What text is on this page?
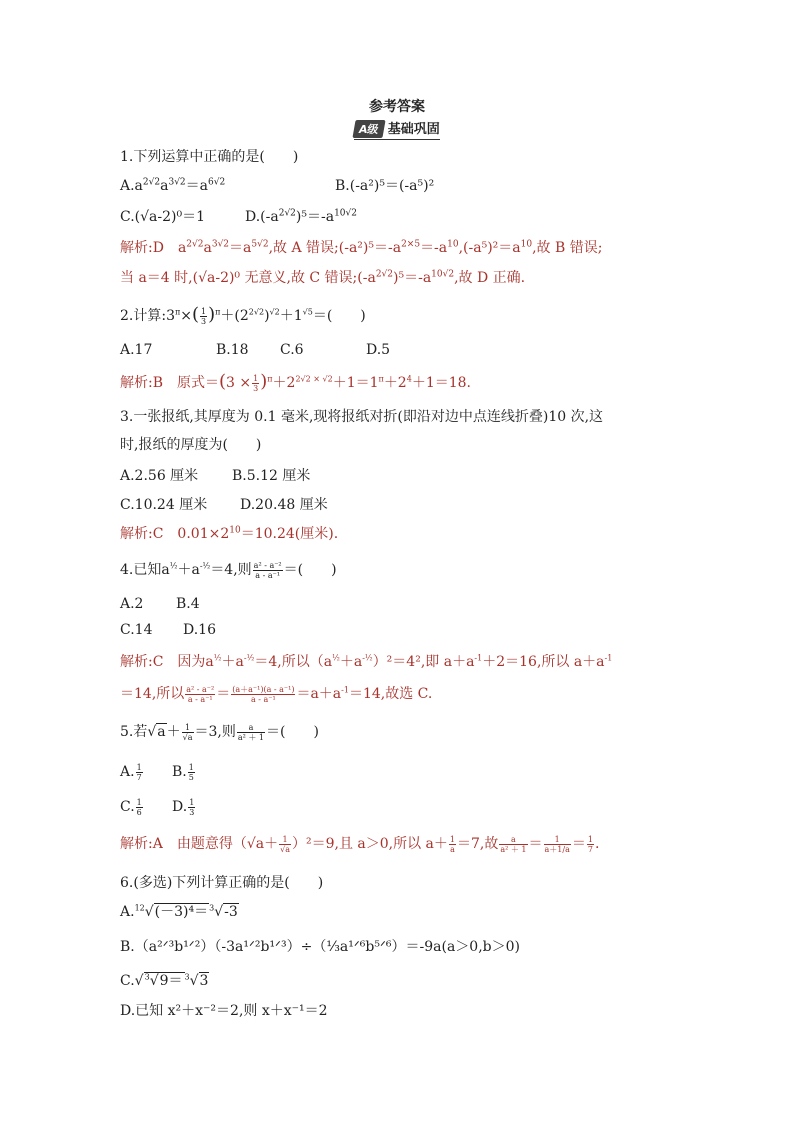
参考答案
A级 基础巩固
1.下列运算中正确的是(　　)
$A.a^{2√2}a^{3√2}=a^{6√2}$	B.(-a²)⁵＝(-a⁵)²
C.(√a-2)⁰＝1	$D.(-a^{2√2})^5=-a^{10√2}$
解析:D　$a^{2√2}a^{3√2}=a^{5√2}$,故 A 错误$;(-a^2)^5=-a^{2\times 5}=-a^{10},(-a^5)^2=a^{10}$,故 B 错误;
当 a＝4 时,(√a-2)⁰ 无意义,故 C 错误$;(-a^{2√2})^5=-a^{10√2}$,故 D 正确.
2.计算$:3^\pi\times( \frac{1}{3} )^\pi+(2^{2√2})^{√2}+1^{√5}=$(　　)
A.17	B.18 C.6	D.5
解析:B　原式$=(3 \times \frac{1}{3} )^\pi+2^{2√2 \times √2}+1=1^\pi+2^4+1=18$.
3.一张报纸,其厚度为 0.1 毫米,现将报纸对折(即沿对边中点连线折叠)10 次,这
时,报纸的厚度为(　　)
A.2.56 厘米 B.5.12 厘米
C.10.24 厘米 D.20.48 厘米
解析:C　$0.01\times 2^{10}=10.24$(厘米).
4.已知$a^{\frac{1}{2}}+a^{-\frac{1}{2}}=4$,则 $\frac{\text{a² - a⁻²}}{\text{a - a⁻¹}}$ ＝(　　)
A.2 B.4
C.14 D.16
解析:C　因为$a^{\frac{1}{2}}+a^{-\frac{1}{2}}=4$,所以$(a^{\frac{1}{2}}+a^{-\frac{1}{2}})^2=4^2$,即 $a+a^{-1}+2=16$,所以 $a+a^{-1}$
＝14,所以 $\frac{\text{a² - a⁻²}}{\text{a - a⁻¹}} = \frac{\text{(a＋a⁻¹)(a - a⁻¹)}}{\text{a - a⁻¹}} =a+a^{-1}=14$,故选 C.
5.若$√a+ \frac{1}{√a} =3$,则 $\frac{a}{\text{a² ＋ 1}}$ ＝(　　)
A. $\frac{1}{7} B$. $\frac{1}{5}$
C. $\frac{1}{6} D$. $\frac{1}{3}$
解析:A　由题意得$(√a+ \frac{1}{√a} )^2=9$,且 a＞0,所以 $a+ \frac{1}{a} =7$,故 $\frac{a}{\text{a² ＋ 1}} = \frac{1}{a+1/a} = \frac{1}{7}$ .
6.(多选)下列计算正确的是(　　)
A.$^{12}$√(－3)⁴＝$^3$√-3
B.（a²ᐟ³b¹ᐟ²）（-3a¹ᐟ²b¹ᐟ³）÷（⅓a¹ᐟ⁶b⁵ᐟ⁶）＝-9a(a＞0,b＞0)
C.√$^3$√9＝ $^3$√3
D.已知 x²＋x⁻²＝2,则 x＋x⁻¹＝2
